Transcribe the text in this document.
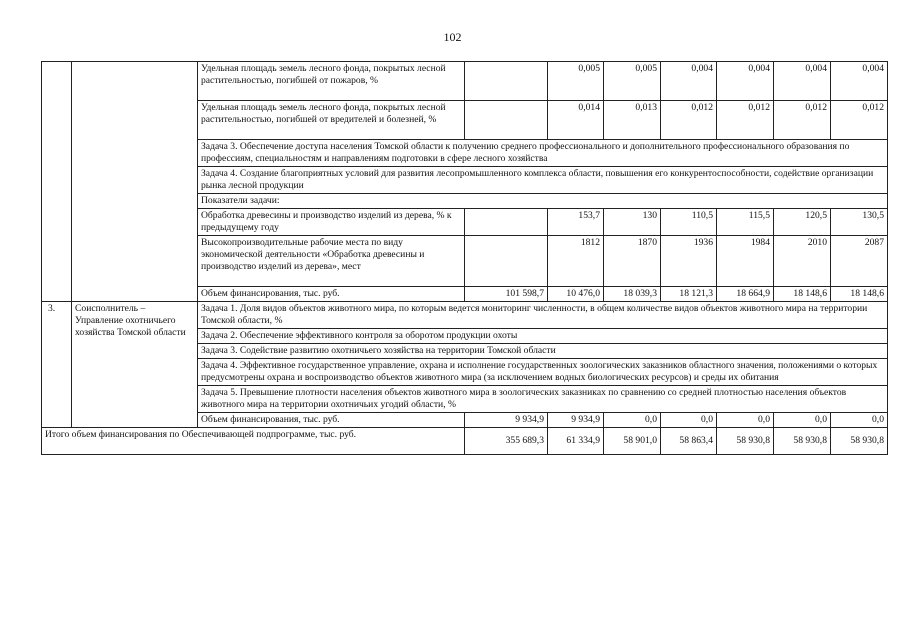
102
		Удельная площадь земель лесного фонда, покрытых лесной растительностью, погибшей от пожаров, %		0,005	0,005	0,004	0,004	0,004	0,004
		Удельная площадь земель лесного фонда, покрытых лесной растительностью, погибшей от вредителей и болезней, %		0,014	0,013	0,012	0,012	0,012	0,012
		Задача 3. Обеспечение доступа населения Томской области к получению среднего профессионального и дополнительного профессионального образования по профессиям, специальностям и направлениям подготовки в сфере лесного хозяйства							
		Задача 4. Создание благоприятных условий для развития лесопромышленного комплекса области, повышения его конкурентоспособности, содействие организации рынка лесной продукции							
		Показатели задачи:							
		Обработка древесины и производство изделий из дерева, % к предыдущему году		153,7	130	110,5	115,5	120,5	130,5
		Высокопроизводительные рабочие места по виду экономической деятельности «Обработка древесины и производство изделий из дерева», мест		1812	1870	1936	1984	2010	2087
		Объем финансирования, тыс. руб.	101 598,7	10 476,0	18 039,3	18 121,3	18 664,9	18 148,6	18 148,6
3.	Соисполнитель – Управление охотничьего хозяйства Томской области	Задача 1. Доля видов объектов животного мира, по которым ведется мониторинг численности, в общем количестве видов объектов животного мира на территории Томской области, %							
		Задача 2. Обеспечение эффективного контроля за оборотом продукции охоты							
		Задача 3. Содействие развитию охотничьего хозяйства на территории Томской области							
		Задача 4. Эффективное государственное управление, охрана и исполнение государственных зоологических заказников областного значения, положениями о которых предусмотрены охрана и воспроизводство объектов животного мира (за исключением водных биологических ресурсов) и среды их обитания							
		Задача 5. Превышение плотности населения объектов животного мира в зоологических заказниках по сравнению со средней плотностью населения объектов животного мира на территории охотничьих угодий области, %							
		Объем финансирования, тыс. руб.	9 934,9	9 934,9	0,0	0,0	0,0	0,0	0,0
Итого объем финансирования по Обеспечивающей подпрограмме, тыс. руб.			355 689,3	61 334,9	58 901,0	58 863,4	58 930,8	58 930,8	58 930,8
